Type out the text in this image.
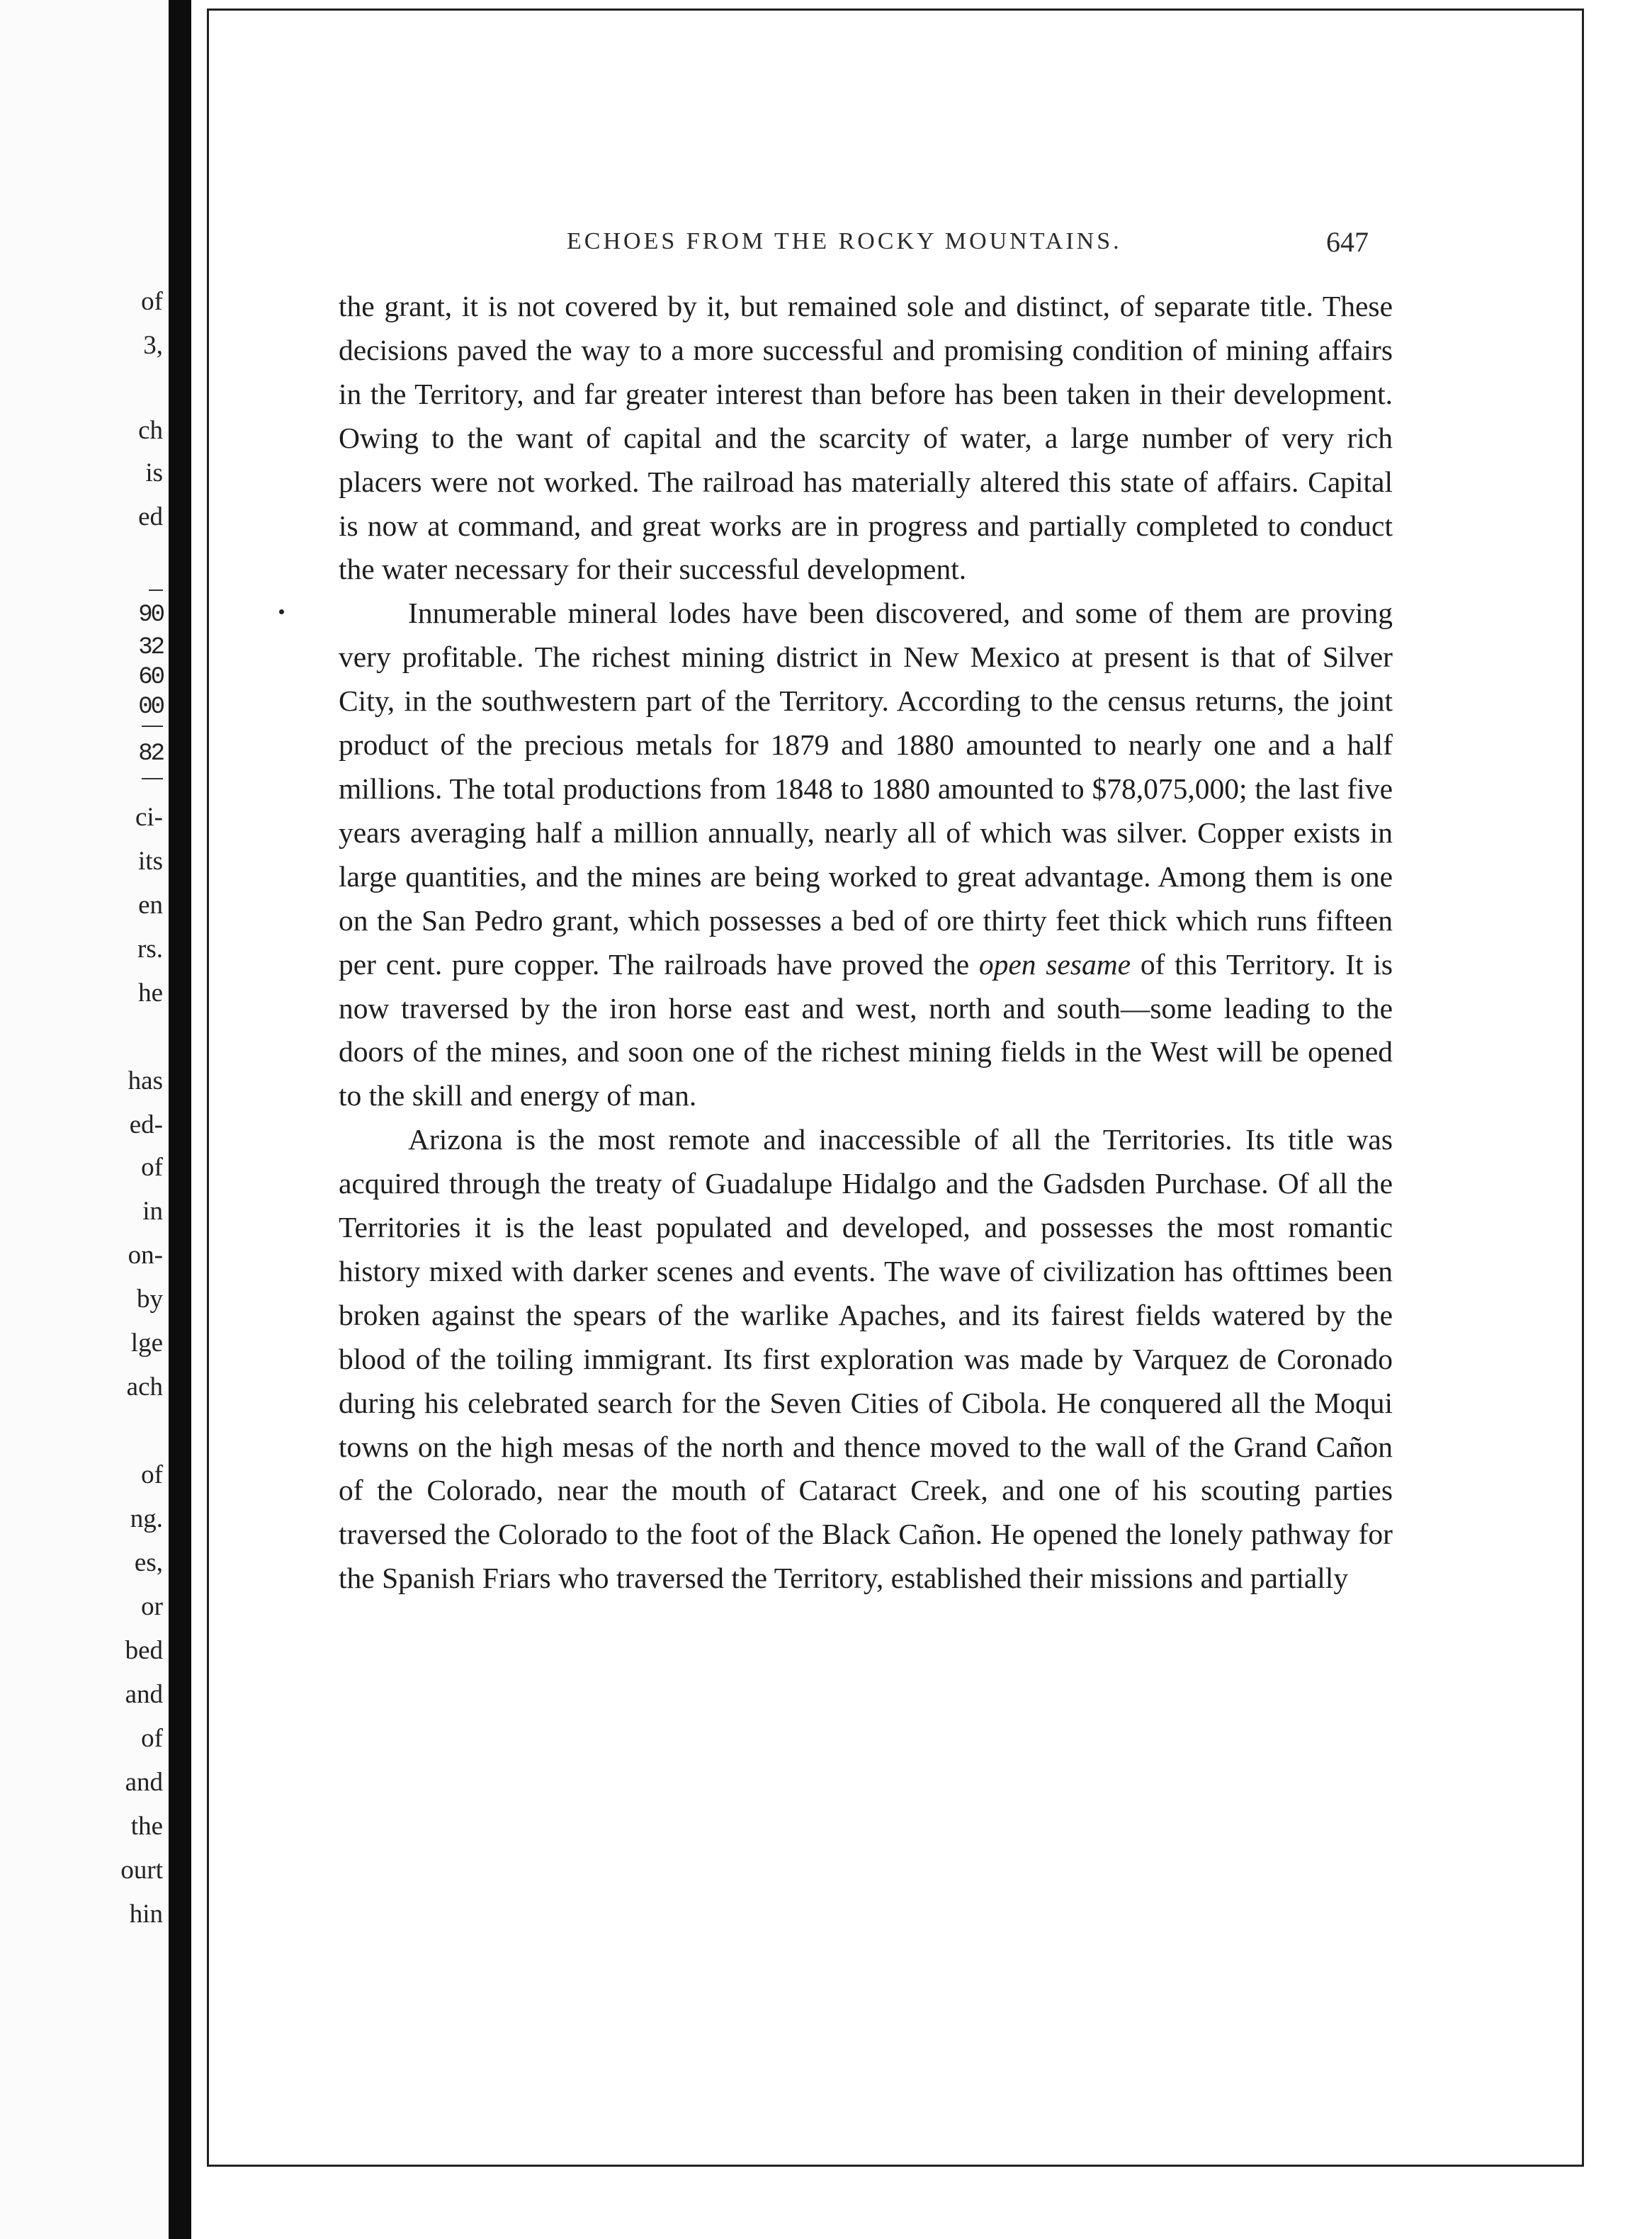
of
3,
ch
is
ed
90
32
60
00
82
ci-
its
en
rs.
he
has
ed-
of
in
on-
by
lge
ach
of
ng.
es,
or
bed
and
of
and
the
ourt
hin
ECHOES FROM THE ROCKY MOUNTAINS.	647

the grant, it is not covered by it, but remained sole and distinct, of separate title. These decisions paved the way to a more successful and promising condition of mining affairs in the Territory, and far greater interest than before has been taken in their development. Owing to the want of capital and the scarcity of water, a large number of very rich placers were not worked. The railroad has materially altered this state of affairs. Capital is now at command, and great works are in progress and partially completed to conduct the water necessary for their successful development.

Innumerable mineral lodes have been discovered, and some of them are proving very profitable. The richest mining district in New Mexico at present is that of Silver City, in the southwestern part of the Territory. According to the census returns, the joint product of the precious metals for 1879 and 1880 amounted to nearly one and a half millions. The total productions from 1848 to 1880 amounted to $78,075,000; the last five years averaging half a million annually, nearly all of which was silver. Copper exists in large quantities, and the mines are being worked to great advantage. Among them is one on the San Pedro grant, which possesses a bed of ore thirty feet thick which runs fifteen per cent. pure copper. The railroads have proved the open sesame of this Territory. It is now traversed by the iron horse east and west, north and south—some leading to the doors of the mines, and soon one of the richest mining fields in the West will be opened to the skill and energy of man.

Arizona is the most remote and inaccessible of all the Territories. Its title was acquired through the treaty of Guadalupe Hidalgo and the Gadsden Purchase. Of all the Territories it is the least populated and developed, and possesses the most romantic history mixed with darker scenes and events. The wave of civilization has ofttimes been broken against the spears of the warlike Apaches, and its fairest fields watered by the blood of the toiling immigrant. Its first exploration was made by Varquez de Coronado during his celebrated search for the Seven Cities of Cibola. He conquered all the Moqui towns on the high mesas of the north and thence moved to the wall of the Grand Cañon of the Colorado, near the mouth of Cataract Creek, and one of his scouting parties traversed the Colorado to the foot of the Black Cañon. He opened the lonely pathway for the Spanish Friars who traversed the Territory, established their missions and partially
